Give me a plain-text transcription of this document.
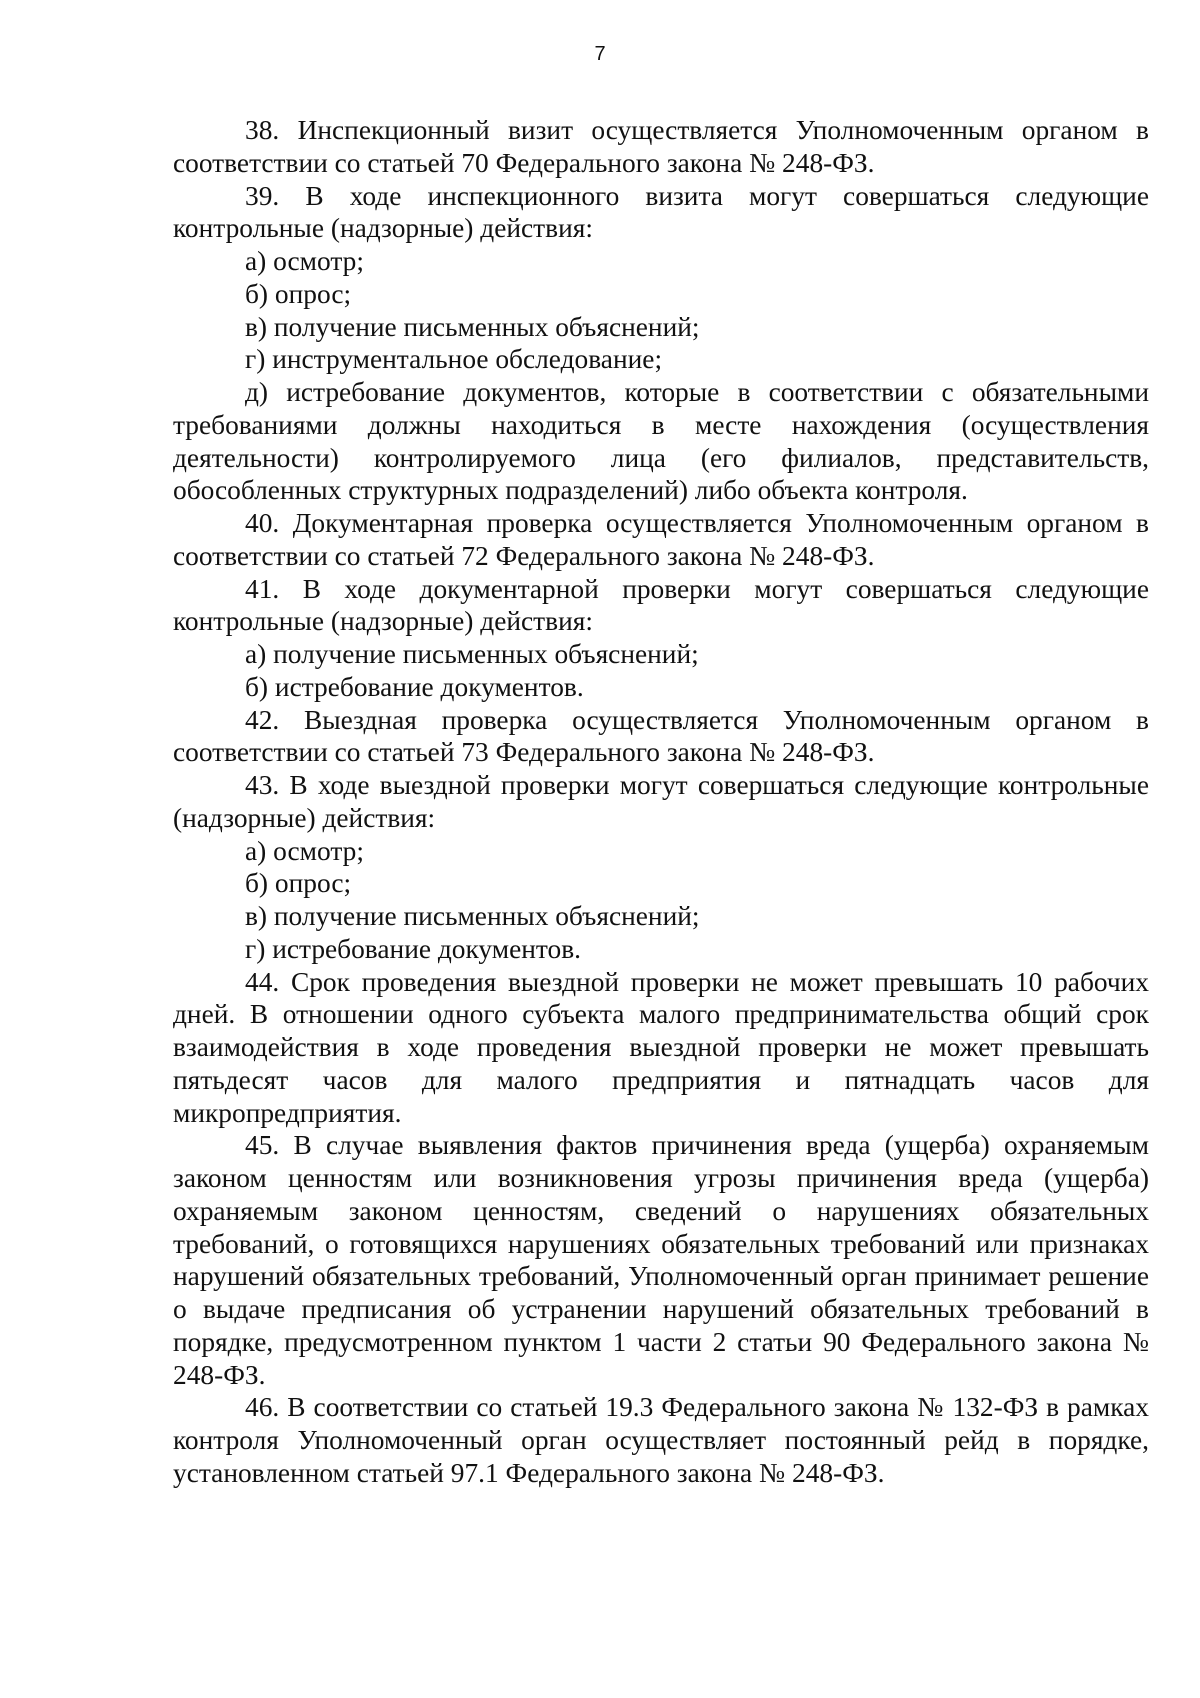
7

38. Инспекционный визит осуществляется Уполномоченным органом в соответствии со статьей 70 Федерального закона № 248-ФЗ.

39. В ходе инспекционного визита могут совершаться следующие контрольные (надзорные) действия:

а) осмотр;

б) опрос;

в) получение письменных объяснений;

г) инструментальное обследование;

д) истребование документов, которые в соответствии с обязательными требованиями должны находиться в месте нахождения (осуществления деятельности) контролируемого лица (его филиалов, представительств, обособленных структурных подразделений) либо объекта контроля.

40. Документарная проверка осуществляется Уполномоченным органом в соответствии со статьей 72 Федерального закона № 248-ФЗ.

41. В ходе документарной проверки могут совершаться следующие контрольные (надзорные) действия:

а) получение письменных объяснений;

б) истребование документов.

42. Выездная проверка осуществляется Уполномоченным органом в соответствии со статьей 73 Федерального закона № 248-ФЗ.

43. В ходе выездной проверки могут совершаться следующие контрольные (надзорные) действия:

а) осмотр;

б) опрос;

в) получение письменных объяснений;

г) истребование документов.

44. Срок проведения выездной проверки не может превышать 10 рабочих дней. В отношении одного субъекта малого предпринимательства общий срок взаимодействия в ходе проведения выездной проверки не может превышать пятьдесят часов для малого предприятия и пятнадцать часов для микропредприятия.

45. В случае выявления фактов причинения вреда (ущерба) охраняемым законом ценностям или возникновения угрозы причинения вреда (ущерба) охраняемым законом ценностям, сведений о нарушениях обязательных требований, о готовящихся нарушениях обязательных требований или признаках нарушений обязательных требований, Уполномоченный орган принимает решение о выдаче предписания об устранении нарушений обязательных требований в порядке, предусмотренном пунктом 1 части 2 статьи 90 Федерального закона № 248-ФЗ.

46. В соответствии со статьей 19.3 Федерального закона № 132-ФЗ в рамках контроля Уполномоченный орган осуществляет постоянный рейд в порядке, установленном статьей 97.1 Федерального закона № 248-ФЗ.
